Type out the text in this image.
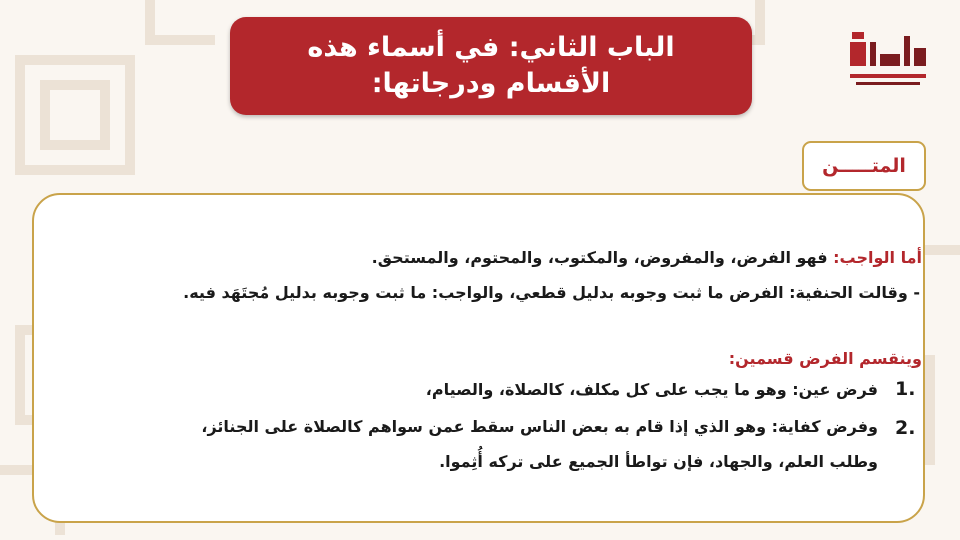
الباب الثاني: في أسماء هذه
الأقسام ودرجاتها:
المتـــــن
أما الواجب: فهو الفرض، والمفروض، والمكتوب، والمحتوم، والمستحق.
- وقالت الحنفية: الفرض ما ثبت وجوبه بدليل قطعي، والواجب: ما ثبت وجوبه بدليل مُجتَهَد فيه.
وينقسم الفرض قسمين:
1.
فرض عين: وهو ما يجب على كل مكلف، كالصلاة، والصيام،
2.
وفرض كفاية: وهو الذي إذا قام به بعض الناس سقط عمن سواهم كالصلاة على الجنائز،
وطلب العلم، والجهاد، فإن تواطأ الجميع على تركه أُثِموا.
